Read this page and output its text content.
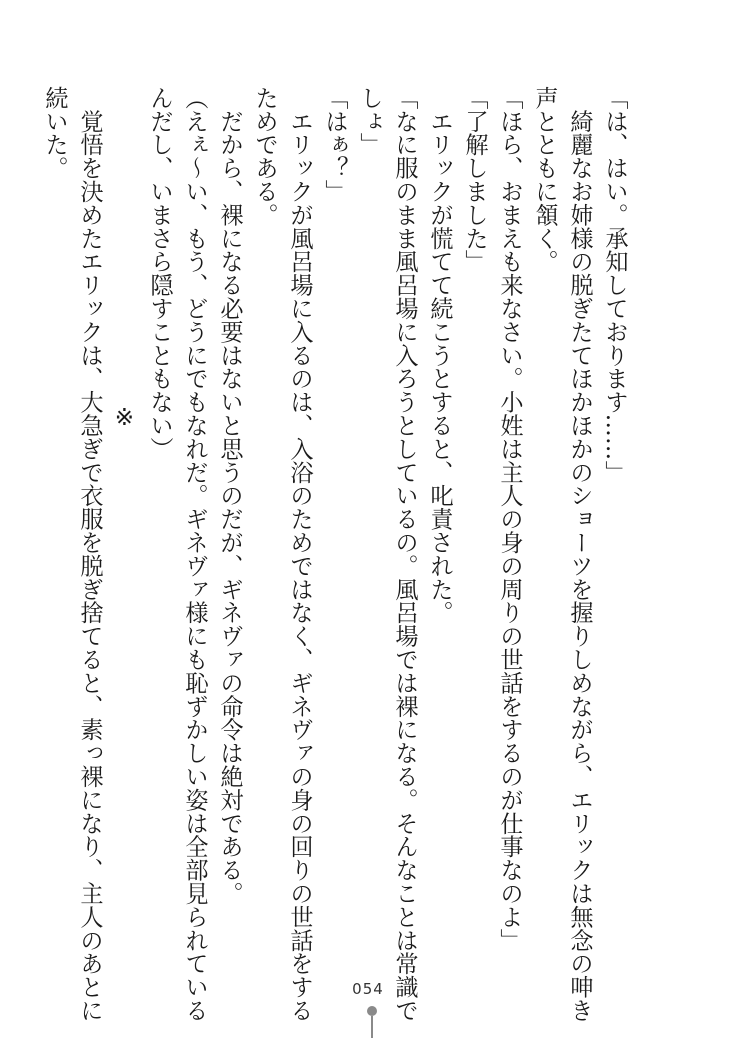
「は、はい。承知しております……」
　綺麗なお姉様の脱ぎたてほかほかのショーツを握りしめながら、エリックは無念の呻き
声とともに頷く。
「ほら、おまえも来なさい。小姓は主人の身の周りの世話をするのが仕事なのよ」
「了解しました」
　エリックが慌てて続こうとすると、叱責された。
「なに服のまま風呂場に入ろうとしているの。風呂場では裸になる。そんなことは常識で
しょ」
「はぁ？」
　エリックが風呂場に入るのは、入浴のためではなく、ギネヴァの身の回りの世話をする
ためである。
　だから、裸になる必要はないと思うのだが、ギネヴァの命令は絶対である。
（えぇ〜い、もう、どうにでもなれだ。ギネヴァ様にも恥ずかしい姿は全部見られている
んだし、いまさら隠すこともない）
※
　覚悟を決めたエリックは、大急ぎで衣服を脱ぎ捨てると、素っ裸になり、主人のあとに
続いた。
054
